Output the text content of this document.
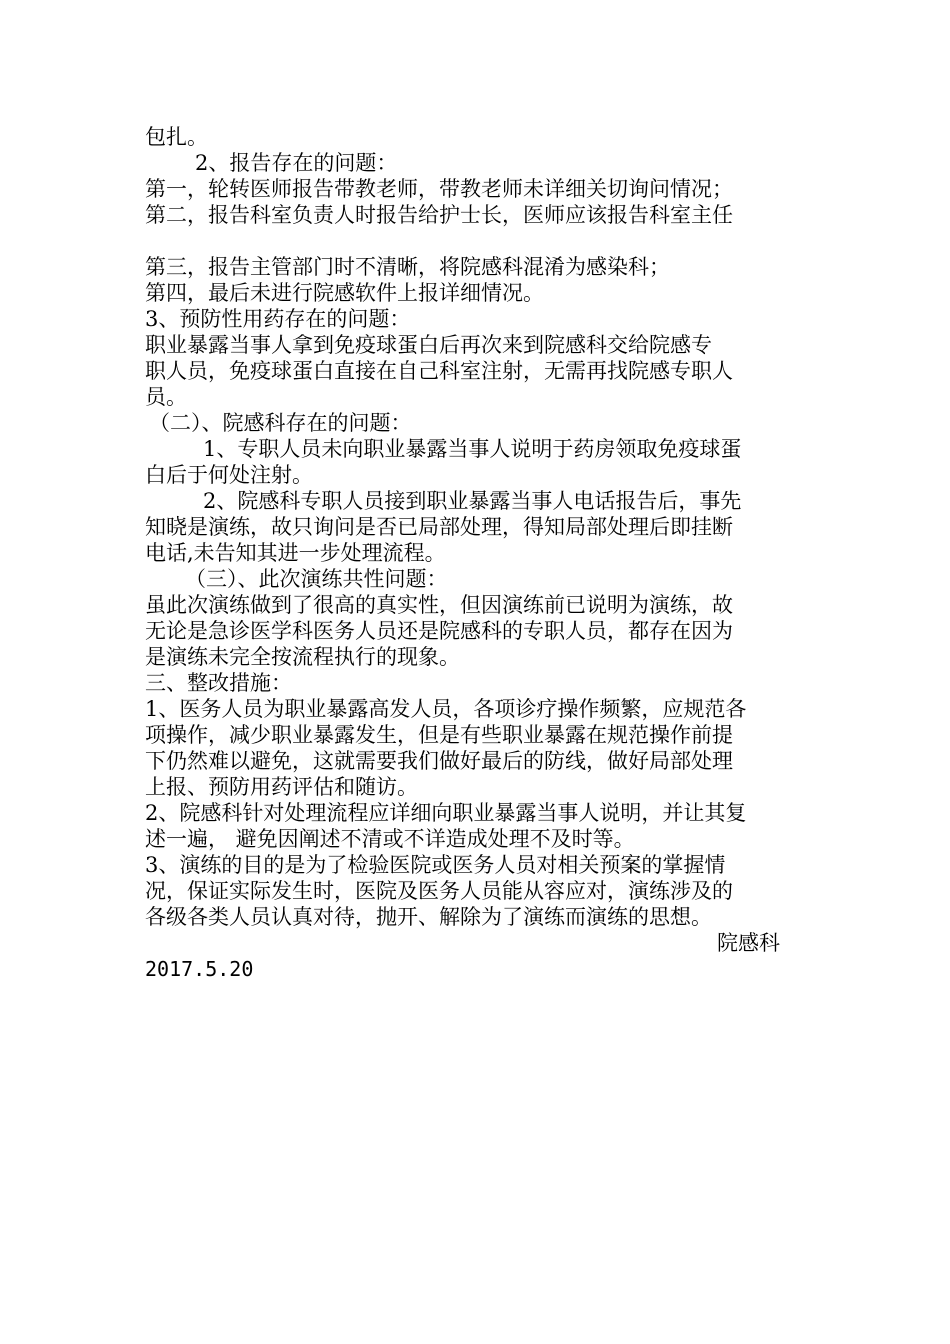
包扎。

2、报告存在的问题：

第一，轮转医师报告带教老师，带教老师未详细关切询问情况；

第二，报告科室负责人时报告给护士长，医师应该报告科室主任

第三，报告主管部门时不清晰，将院感科混淆为感染科；

第四，最后未进行院感软件上报详细情况。

3、预防性用药存在的问题：

职业暴露当事人拿到免疫球蛋白后再次来到院感科交给院感专

职人员，免疫球蛋白直接在自己科室注射，无需再找院感专职人

员。

（二）、院感科存在的问题：

1、专职人员未向职业暴露当事人说明于药房领取免疫球蛋

白后于何处注射。

2、院感科专职人员接到职业暴露当事人电话报告后，事先

知晓是演练，故只询问是否已局部处理，得知局部处理后即挂断

电话,未告知其进一步处理流程。

（三）、此次演练共性问题：

虽此次演练做到了很高的真实性，但因演练前已说明为演练，故

无论是急诊医学科医务人员还是院感科的专职人员，都存在因为

是演练未完全按流程执行的现象。

三、整改措施：

1、医务人员为职业暴露高发人员，各项诊疗操作频繁，应规范各

项操作，减少职业暴露发生，但是有些职业暴露在规范操作前提

下仍然难以避免，这就需要我们做好最后的防线，做好局部处理

上报、预防用药评估和随访。

2、院感科针对处理流程应详细向职业暴露当事人说明，并让其复

述一遍， 避免因阐述不清或不详造成处理不及时等。

3、演练的目的是为了检验医院或医务人员对相关预案的掌握情

况，保证实际发生时，医院及医务人员能从容应对，演练涉及的

各级各类人员认真对待，抛开、解除为了演练而演练的思想。

院感科

2017.5.20
